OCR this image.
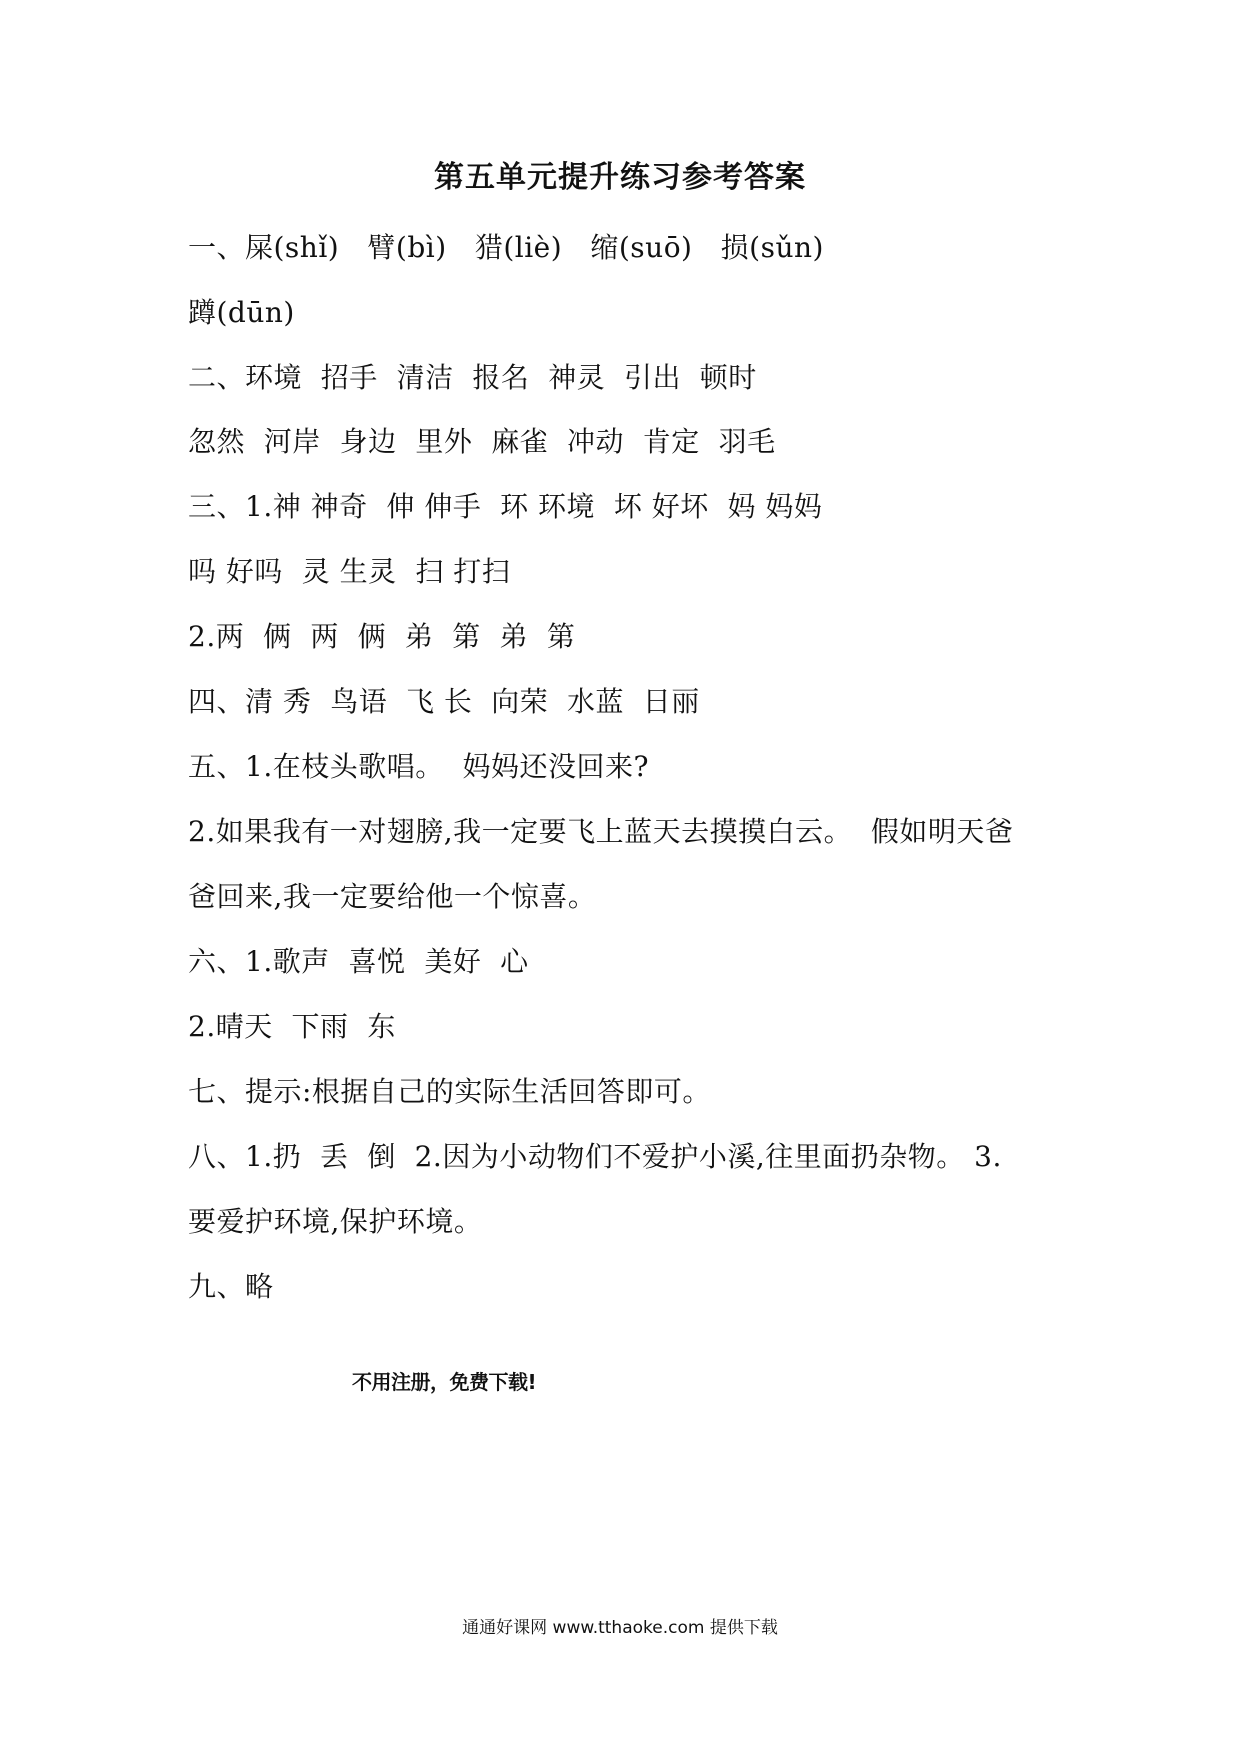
第五单元提升练习参考答案
一、屎(shǐ)   臂(bì)   猎(liè)   缩(suō)   损(sǔn)
蹲(dūn)
二、环境  招手  清洁  报名  神灵  引出  顿时
忽然  河岸  身边  里外  麻雀  冲动  肯定  羽毛
三、1.神 神奇  伸 伸手  环 环境  坏 好坏  妈 妈妈
吗 好吗  灵 生灵  扫 打扫
2.两  俩  两  俩  弟  第  弟  第
四、清 秀  鸟语  飞 长  向荣  水蓝  日丽
五、1.在枝头歌唱。  妈妈还没回来?
2.如果我有一对翅膀,我一定要飞上蓝天去摸摸白云。  假如明天爸
爸回来,我一定要给他一个惊喜。
六、1.歌声  喜悦  美好  心
2.晴天  下雨  东
七、提示:根据自己的实际生活回答即可。
八、1.扔  丢  倒  2.因为小动物们不爱护小溪,往里面扔杂物。 3.
要爱护环境,保护环境。
九、略
不用注册，免费下载!
通通好课网 www.tthaoke.com 提供下载
